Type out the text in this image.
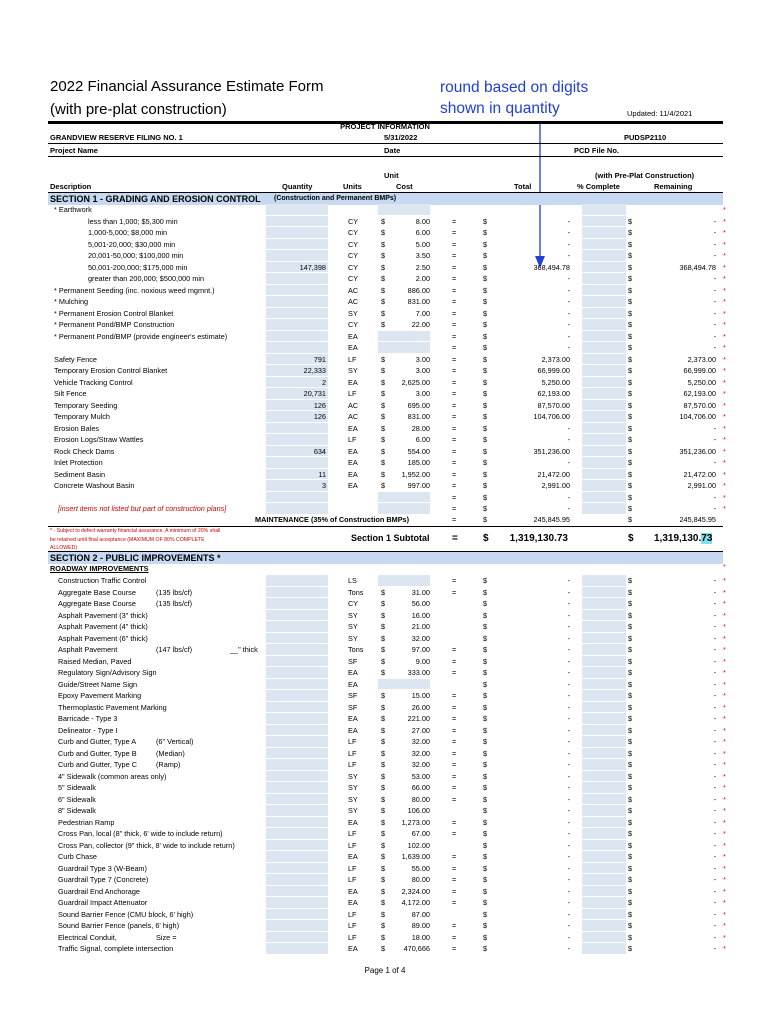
2022 Financial Assurance Estimate Form
(with pre-plat construction)
round based on digits
shown in quantity	Updated: 11/4/2021
PROJECT INFORMATION
GRANDVIEW RESERVE FILING NO. 1	5/31/2022	PUDSP2110
Project Name	Date	PCD File No.
Unit	(with Pre-Plat Construction)
Description	Quantity	Units	Cost	Total	% Complete	Remaining
SECTION 1 - GRADING AND EROSION CONTROL (Construction and Permanent BMPs)
* Earthwork	*
less than 1,000; $5,300 min	CY	$	8.00	=	$	-	$	- *
1,000-5,000; $8,000 min	CY	$	6.00	=	$	-	$	- *
5,001-20,000; $30,000 min	CY	$	5.00	=	$	-	$	- *
20,001-50,000; $100,000 min	CY	$	3.50	=	$	-	$	- *
50,001-200,000; $175,000 min	147,398	CY	$	2.50	=	$	368,494.78	$	368,494.78 *
greater than 200,000; $500,000 min	CY	$	2.00	=	$	-	$	- *
* Permanent Seeding (inc. noxious weed mgmnt.)	AC	$	886.00	=	$	-	$	- *
* Mulching	AC	$	831.00	=	$	-	$	- *
* Permanent Erosion Control Blanket	SY	$	7.00	=	$	-	$	- *
* Permanent Pond/BMP Construction	CY	$	22.00	=	$	-	$	- *
* Permanent Pond/BMP (provide engineer's estimate)	EA	=	$	-	$	- *
EA	=	$	-	$	- *
Safety Fence	791	LF	$	3.00	=	$	2,373.00	$	2,373.00 *
Temporary Erosion Control Blanket	22,333	SY	$	3.00	=	$	66,999.00	$	66,999.00 *
Vehicle Tracking Control	2	EA	$	2,625.00	=	$	5,250.00	$	5,250.00 *
Silt Fence	20,731	LF	$	3.00	=	$	62,193.00	$	62,193.00 *
Temporary Seeding	126	AC	$	695.00	=	$	87,570.00	$	87,570.00 *
Temporary Mulch	126	AC	$	831.00	=	$	104,706.00	$	104,706.00 *
Erosion Bales	EA	$	28.00	=	$	-	$	- *
Erosion Logs/Straw Wattles	LF	$	6.00	=	$	-	$	- *
Rock Check Dams	634	EA	$	554.00	=	$	351,236.00	$	351,236.00 *
Inlet Protection	EA	$	185.00	=	$	-	$	- *
Sediment Basin	11	EA	$	1,952.00	=	$	21,472.00	$	21,472.00 *
Concrete Washout Basin	3	EA	$	997.00	=	$	2,991.00	$	2,991.00 *
=	$	-	$	- *
[insert items not listed but part of construction plans]	=	$	-	$	- *
MAINTENANCE (35% of Construction BMPs)	=	$	245,845.95	$	245,845.95
* - Subject to defect warranty financial assurance. A minimum of 20% shall
be retained until final acceptance (MAXIMUM OF 80% COMPLETE
ALLOWED)
Section 1 Subtotal =	$	1,319,130.73	$ 1,319,130.73
SECTION 2 - PUBLIC IMPROVEMENTS *
ROADWAY IMPROVEMENTS	*
Construction Traffic Control	LS	=	$	-	$	- *
Aggregate Base Course	(135 lbs/cf)	Tons $	31.00	=	$	-	$	- *
Aggregate Base Course	(135 lbs/cf)	CY	$	56.00	$	-	$	- *
Asphalt Pavement (3" thick)	SY	$	16.00	$	-	$	- *
Asphalt Pavement (4" thick)	SY	$	21.00	$	-	$	- *
Asphalt Pavement (6" thick)	SY	$	32.00	$	-	$	- *
Asphalt Pavement	(147 lbs/cf)	__" thick	Tons $	97.00	=	$	-	$	- *
Raised Median, Paved	SF	$	9.00	=	$	-	$	- *
Regulatory Sign/Advisory Sign	EA	$	333.00	=	$	-	$	- *
Guide/Street Name Sign	EA	$	-	$	- *
Epoxy Pavement Marking	SF	$	15.00	=	$	-	$	- *
Thermoplastic Pavement Marking	SF	$	26.00	=	$	-	$	- *
Barricade - Type 3	EA	$	221.00	=	$	-	$	- *
Delineator - Type I	EA	$	27.00	=	$	-	$	- *
Curb and Gutter, Type A	(6" Vertical)	LF	$	32.00	=	$	-	$	- *
Curb and Gutter, Type B	(Median)	LF	$	32.00	=	$	-	$	- *
Curb and Gutter, Type C	(Ramp)	LF	$	32.00	=	$	-	$	- *
4" Sidewalk (common areas only)	SY	$	53.00	=	$	-	$	- *
5" Sidewalk	SY	$	66.00	=	$	-	$	- *
6" Sidewalk	SY	$	80.00	=	$	-	$	- *
8" Sidewalk	SY	$	106.00	$	-	$	- *
Pedestrian Ramp	EA	$	1,273.00	=	$	-	$	- *
Cross Pan, local (8" thick, 6' wide to include return)	LF	$	67.00	=	$	-	$	- *
Cross Pan, collector (9" thick, 8' wide to include return)	LF	$	102.00	$	-	$	- *
Curb Chase	EA	$	1,639.00	=	$	-	$	- *
Guardrail Type 3 (W-Beam)	LF	$	55.00	=	$	-	$	- *
Guardrail Type 7 (Concrete)	LF	$	80.00	=	$	-	$	- *
Guardrail End Anchorage	EA	$	2,324.00	=	$	-	$	- *
Guardrail Impact Attenuator	EA	$	4,172.00	=	$	-	$	- *
Sound Barrier Fence (CMU block, 6' high)	LF	$	87.00	$	-	$	- *
Sound Barrier Fence (panels, 6' high)	LF	$	89.00	=	$	-	$	- *
Electrical Conduit,	Size =	LF	$	18.00	=	$	-	$	- *
Traffic Signal, complete intersection	EA	$	470,666	=	$	-	$	- *
Page 1 of 4
